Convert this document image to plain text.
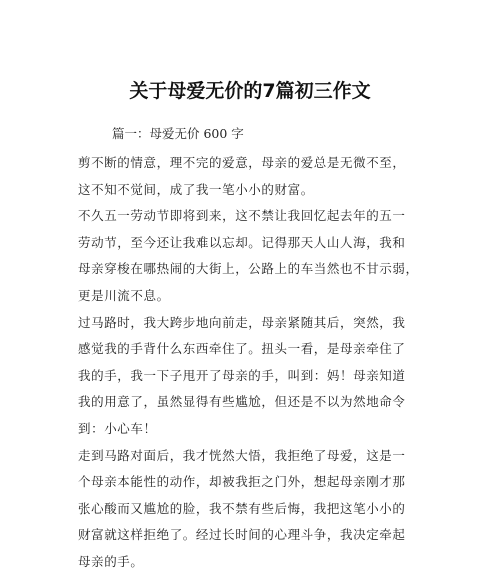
关于母爱无价的7篇初三作文
篇一：母爱无价 600 字
剪不断的情意，理不完的爱意，母亲的爱总是无微不至，
这不知不觉间，成了我一笔小小的财富。
不久五一劳动节即将到来，这不禁让我回忆起去年的五一
劳动节，至今还让我难以忘却。记得那天人山人海，我和
母亲穿梭在哪热闹的大街上，公路上的车当然也不甘示弱，
更是川流不息。
过马路时，我大跨步地向前走，母亲紧随其后，突然，我
感觉我的手背什么东西牵住了。扭头一看，是母亲牵住了
我的手，我一下子甩开了母亲的手，叫到：妈！母亲知道
我的用意了，虽然显得有些尴尬，但还是不以为然地命令
到：小心车！
走到马路对面后，我才恍然大悟，我拒绝了母爱，这是一
个母亲本能性的动作，却被我拒之门外，想起母亲刚才那
张心酸而又尴尬的脸，我不禁有些后悔，我把这笔小小的
财富就这样拒绝了。经过长时间的心理斗争，我决定牵起
母亲的手。
